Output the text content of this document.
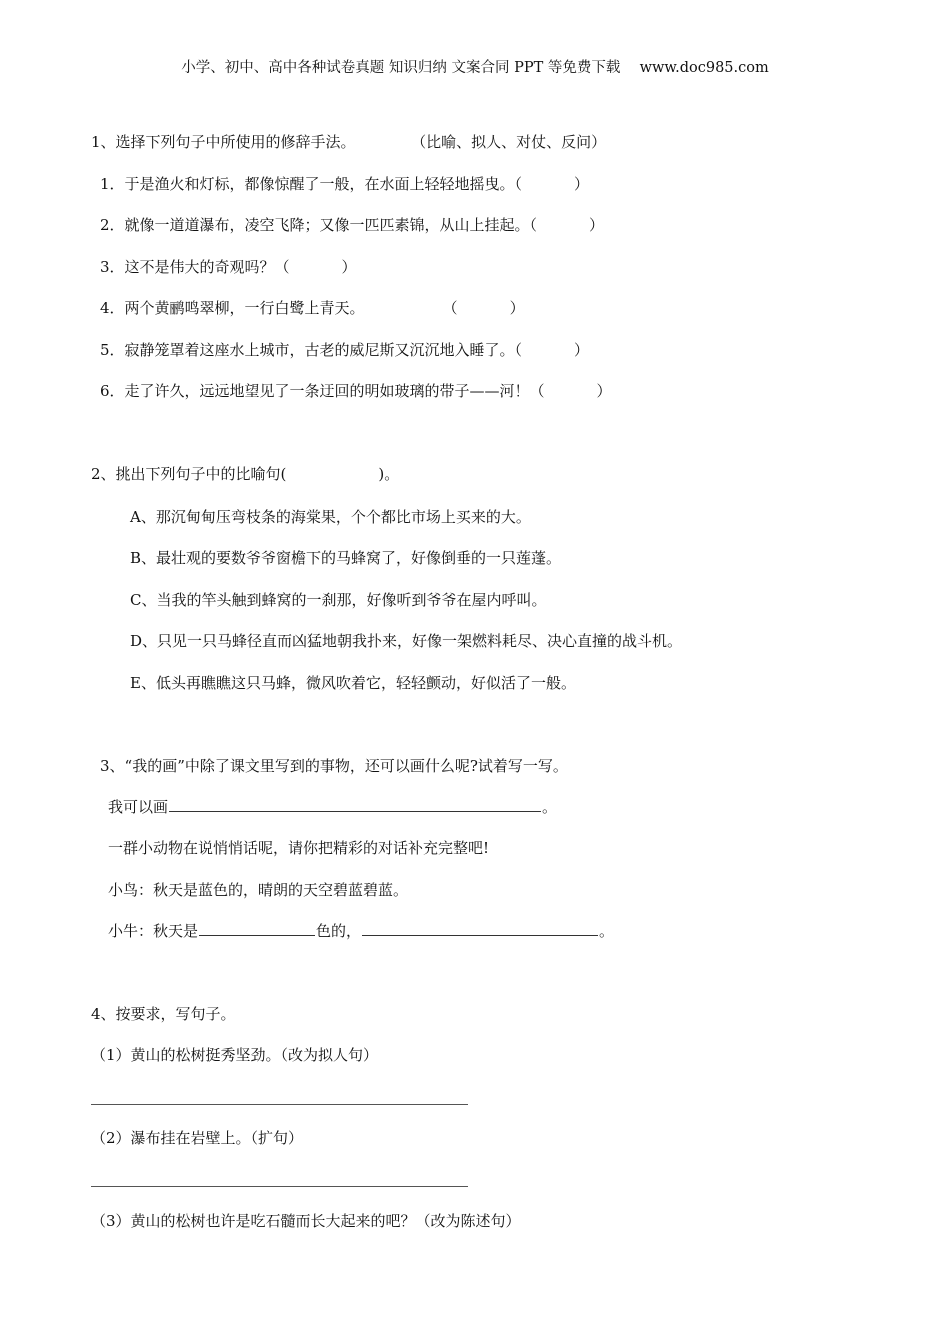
小学、初中、高中各种试卷真题 知识归纳 文案合同 PPT 等免费下载 www.doc985.com
1、选择下列句子中所使用的修辞手法。	（比喻、拟人、对仗、反问）
1．于是渔火和灯标，都像惊醒了一般，在水面上轻轻地摇曳。（	）
2．就像一道道瀑布，凌空飞降；又像一匹匹素锦，从山上挂起。（	）
3．这不是伟大的奇观吗？（	）
4．两个黄鹂鸣翠柳，一行白鹭上青天。	（	）
5．寂静笼罩着这座水上城市，古老的威尼斯又沉沉地入睡了。（	）
6．走了许久，远远地望见了一条迂回的明如玻璃的带子——河！（	）
2、挑出下列句子中的比喻句(	)。
A、那沉甸甸压弯枝条的海棠果，个个都比市场上买来的大。
B、最壮观的要数爷爷窗檐下的马蜂窝了，好像倒垂的一只莲蓬。
C、当我的竿头触到蜂窝的一刹那，好像听到爷爷在屋内呼叫。
D、只见一只马蜂径直而凶猛地朝我扑来，好像一架燃料耗尽、决心直撞的战斗机。
E、低头再瞧瞧这只马蜂，微风吹着它，轻轻颤动，好似活了一般。
3、“我的画”中除了课文里写到的事物，还可以画什么呢?试着写一写。
我可以画	。
一群小动物在说悄悄话呢，请你把精彩的对话补充完整吧!
小鸟：秋天是蓝色的，晴朗的天空碧蓝碧蓝。
小牛：秋天是	色的，	。
4、按要求，写句子。
（1）黄山的松树挺秀坚劲。（改为拟人句）
（2）瀑布挂在岩壁上。（扩句）
（3）黄山的松树也许是吃石髓而长大起来的吧？（改为陈述句）
